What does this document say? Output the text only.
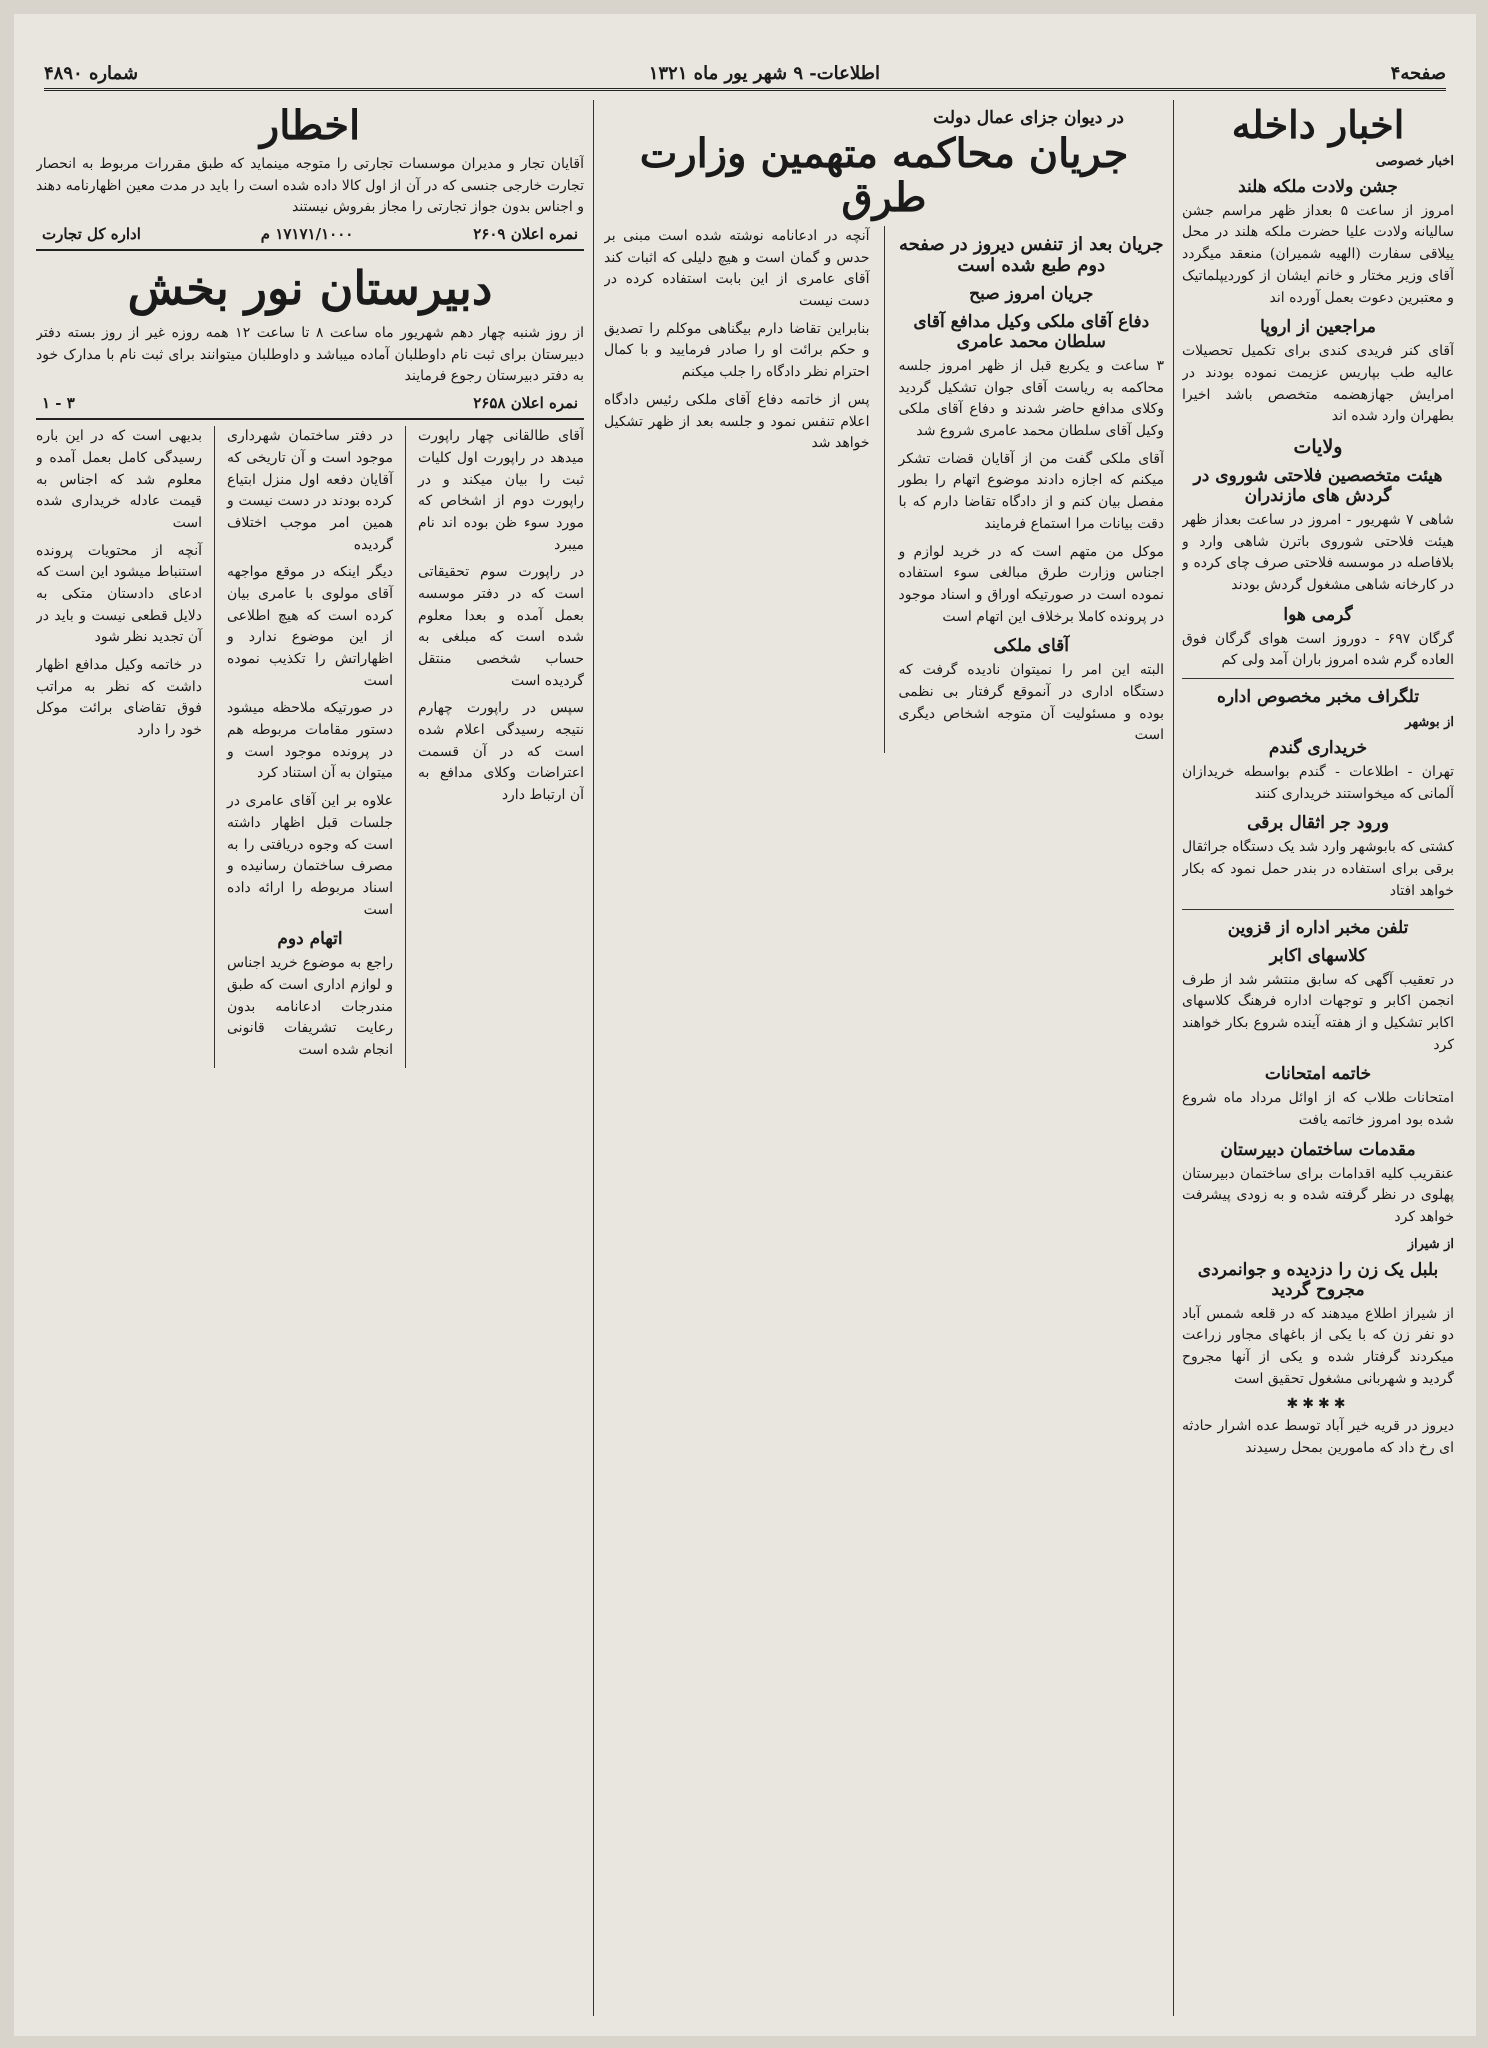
صفحه۴
اطلاعات- ۹ شهر یور ماه ۱۳۲۱
شماره ۴۸۹۰
اخبار داخله
اخبار خصوصی
جشن ولادت ملکه هلند

امروز از ساعت ۵ بعداز ظهر مراسم جشن سالیانه ولادت علیا حضرت ملکه هلند در محل ییلاقی سفارت (الهیه شمیران) منعقد میگردد آقای وزیر مختار و خانم ایشان از کوردیپلماتیک و معتبرین دعوت بعمل آورده اند

مراجعین از اروپا

آقای کنر فریدی کندی برای تکمیل تحصیلات عالیه طب بپاریس عزیمت نموده بودند در امرایش جهازهضمه متخصص باشد اخیرا بطهران وارد شده اند

ولایات
هیئت متخصصین فلاحتی شوروی در گردش های مازندران

شاهی ۷ شهریور - امروز در ساعت بعداز ظهر هیئت فلاحتی شوروی باترن شاهی وارد و بلافاصله در موسسه فلاحتی صرف چای کرده و در کارخانه شاهی مشغول گردش بودند

گرمی هوا

گرگان ۶۹۷ - دوروز است هوای گرگان فوق العاده گرم شده امروز باران آمد ولی کم

تلگراف مخبر مخصوص اداره
از بوشهر
خریداری گندم

تهران - اطلاعات - گندم بواسطه خریدازان آلمانی که میخواستند خریداری کنند

ورود جر اثقال برقی

کشتی که بابوشهر وارد شد یک دستگاه جراثقال برقی برای استفاده در بندر حمل نمود که بکار خواهد افتاد

تلفن مخبر اداره از قزوین
کلاسهای اکابر

در تعقیب آگهی که سابق منتشر شد از طرف انجمن اکابر و توجهات اداره فرهنگ کلاسهای اکابر تشکیل و از هفته آینده شروع بکار خواهند کرد

خاتمه امتحانات

امتحانات طلاب که از اوائل مرداد ماه شروع شده بود امروز خاتمه یافت

مقدمات ساختمان دبیرستان

عنقریب کلیه اقدامات برای ساختمان دبیرستان پهلوی در نظر گرفته شده و به زودی پیشرفت خواهد کرد

از شیراز
بلبل یک زن را دزدیده و جوانمردی مجروح گردید

از شیراز اطلاع میدهند که در قلعه شمس آباد دو نفر زن که با یکی از باغهای مجاور زراعت میکردند گرفتار شده و یکی از آنها مجروح گردید و شهربانی مشغول تحقیق است

✱✱✱✱

دیروز در قریه خیر آباد توسط عده اشرار حادثه ای رخ داد که مامورین بمحل رسیدند

در دیوان جزای عمال دولت
جریان محاکمه متهمین وزارت طرق
جریان بعد از تنفس دیروز در صفحه دوم طبع شده است
جریان امروز صبح
دفاع آقای ملکی وکیل مدافع آقای سلطان محمد عامری

۳ ساعت و یکربع قبل از ظهر امروز جلسه محاکمه به ریاست آقای جوان تشکیل گردید وکلای مدافع حاضر شدند و دفاع آقای ملکی وکیل آقای سلطان محمد عامری شروع شد

آقای ملکی گفت من از آقایان قضات تشکر میکنم که اجازه دادند موضوع اتهام را بطور مفصل بیان کنم و از دادگاه تقاضا دارم که با دقت بیانات مرا استماع فرمایند

موکل من متهم است که در خرید لوازم و اجناس وزارت طرق مبالغی سوء استفاده نموده است در صورتیکه اوراق و اسناد موجود در پرونده کاملا برخلاف این اتهام است

آقای ملکی

البته این امر را نمیتوان نادیده گرفت که دستگاه اداری در آنموقع گرفتار بی نظمی بوده و مسئولیت آن متوجه اشخاص دیگری است

آنچه در ادعانامه نوشته شده است مبنی بر حدس و گمان است و هیچ دلیلی که اثبات کند آقای عامری از این بابت استفاده کرده در دست نیست

بنابراین تقاضا دارم بیگناهی موکلم را تصدیق و حکم برائت او را صادر فرمایید و با کمال احترام نظر دادگاه را جلب میکنم

پس از خاتمه دفاع آقای ملکی رئیس دادگاه اعلام تنفس نمود و جلسه بعد از ظهر تشکیل خواهد شد

اخطار

آقایان تجار و مدیران موسسات تجارتی را متوجه مینماید که طبق مقررات مربوط به انحصار تجارت خارجی جنسی که در آن از اول کالا داده شده است را باید در مدت معین اظهارنامه دهند و اجناس بدون جواز تجارتی را مجاز بفروش نیستند

نمره اعلان ۲۶۰۹
۱۷۱۷۱/۱۰۰۰ م
اداره کل تجارت
دبیرستان نور بخش

از روز شنبه چهار دهم شهریور ماه ساعت ۸ تا ساعت ۱۲ همه روزه غیر از روز بسته دفتر دبیرستان برای ثبت نام داوطلبان آماده میباشد و داوطلبان میتوانند برای ثبت نام با مدارک خود به دفتر دبیرستان رجوع فرمایند

نمره اعلان ۲۶۵۸
۳ - ۱

آقای طالقانی چهار راپورت میدهد در راپورت اول کلیات ثبت را بیان میکند و در راپورت دوم از اشخاص که مورد سوء ظن بوده اند نام میبرد

در راپورت سوم تحقیقاتی است که در دفتر موسسه بعمل آمده و بعدا معلوم شده است که مبلغی به حساب شخصی منتقل گردیده است

سپس در راپورت چهارم نتیجه رسیدگی اعلام شده است که در آن قسمت اعتراضات وکلای مدافع به آن ارتباط دارد

در دفتر ساختمان شهرداری موجود است و آن تاریخی که آقایان دفعه اول منزل ابتیاع کرده بودند در دست نیست و همین امر موجب اختلاف گردیده

دیگر اینکه در موقع مواجهه آقای مولوی با عامری بیان کرده است که هیچ اطلاعی از این موضوع ندارد و اظهاراتش را تکذیب نموده است

در صورتیکه ملاحظه میشود دستور مقامات مربوطه هم در پرونده موجود است و میتوان به آن استناد کرد

علاوه بر این آقای عامری در جلسات قبل اظهار داشته است که وجوه دریافتی را به مصرف ساختمان رسانیده و اسناد مربوطه را ارائه داده است

اتهام دوم

راجع به موضوع خرید اجناس و لوازم اداری است که طبق مندرجات ادعانامه بدون رعایت تشریفات قانونی انجام شده است

بدیهی است که در این باره رسیدگی کامل بعمل آمده و معلوم شد که اجناس به قیمت عادله خریداری شده است

آنچه از محتویات پرونده استنباط میشود این است که ادعای دادستان متکی به دلایل قطعی نیست و باید در آن تجدید نظر شود

در خاتمه وکیل مدافع اظهار داشت که نظر به مراتب فوق تقاضای برائت موکل خود را دارد
